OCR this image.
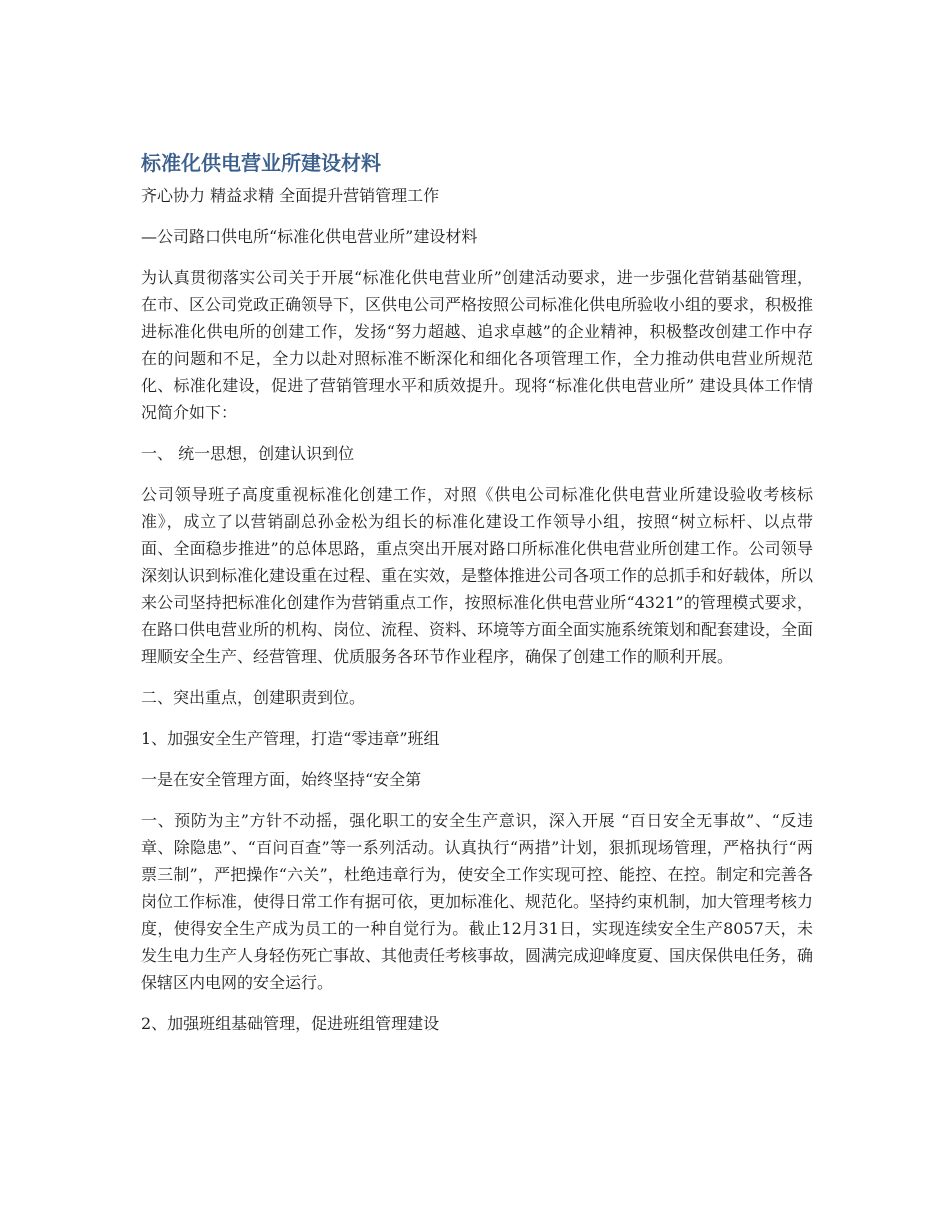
标准化供电营业所建设材料
齐心协力 精益求精 全面提升营销管理工作
—公司路口供电所“标准化供电营业所”建设材料
为认真贯彻落实公司关于开展“标准化供电营业所”创建活动要求，进一步强化营销基础管理，在市、区公司党政正确领导下，区供电公司严格按照公司标准化供电所验收小组的要求，积极推进标准化供电所的创建工作，发扬“努力超越、追求卓越”的企业精神，积极整改创建工作中存在的问题和不足，全力以赴对照标准不断深化和细化各项管理工作，全力推动供电营业所规范化、标准化建设，促进了营销管理水平和质效提升。现将“标准化供电营业所” 建设具体工作情况简介如下：
一、 统一思想，创建认识到位
公司领导班子高度重视标准化创建工作，对照《供电公司标准化供电营业所建设验收考核标准》，成立了以营销副总孙金松为组长的标准化建设工作领导小组，按照“树立标杆、以点带面、全面稳步推进”的总体思路，重点突出开展对路口所标准化供电营业所创建工作。公司领导深刻认识到标准化建设重在过程、重在实效，是整体推进公司各项工作的总抓手和好载体，所以来公司坚持把标准化创建作为营销重点工作，按照标准化供电营业所“4321”的管理模式要求，在路口供电营业所的机构、岗位、流程、资料、环境等方面全面实施系统策划和配套建设，全面理顺安全生产、经营管理、优质服务各环节作业程序，确保了创建工作的顺利开展。
二、突出重点，创建职责到位。
1、加强安全生产管理，打造“零违章”班组
一是在安全管理方面，始终坚持“安全第
一、预防为主”方针不动摇，强化职工的安全生产意识，深入开展 “百日安全无事故”、“反违章、除隐患”、“百问百查”等一系列活动。认真执行“两措”计划，狠抓现场管理，严格执行“两票三制”，严把操作“六关”，杜绝违章行为，使安全工作实现可控、能控、在控。制定和完善各岗位工作标准，使得日常工作有据可依，更加标准化、规范化。坚持约束机制，加大管理考核力度，使得安全生产成为员工的一种自觉行为。截止12月31日，实现连续安全生产8057天，未发生电力生产人身轻伤死亡事故、其他责任考核事故，圆满完成迎峰度夏、国庆保供电任务，确保辖区内电网的安全运行。
2、加强班组基础管理，促进班组管理建设
